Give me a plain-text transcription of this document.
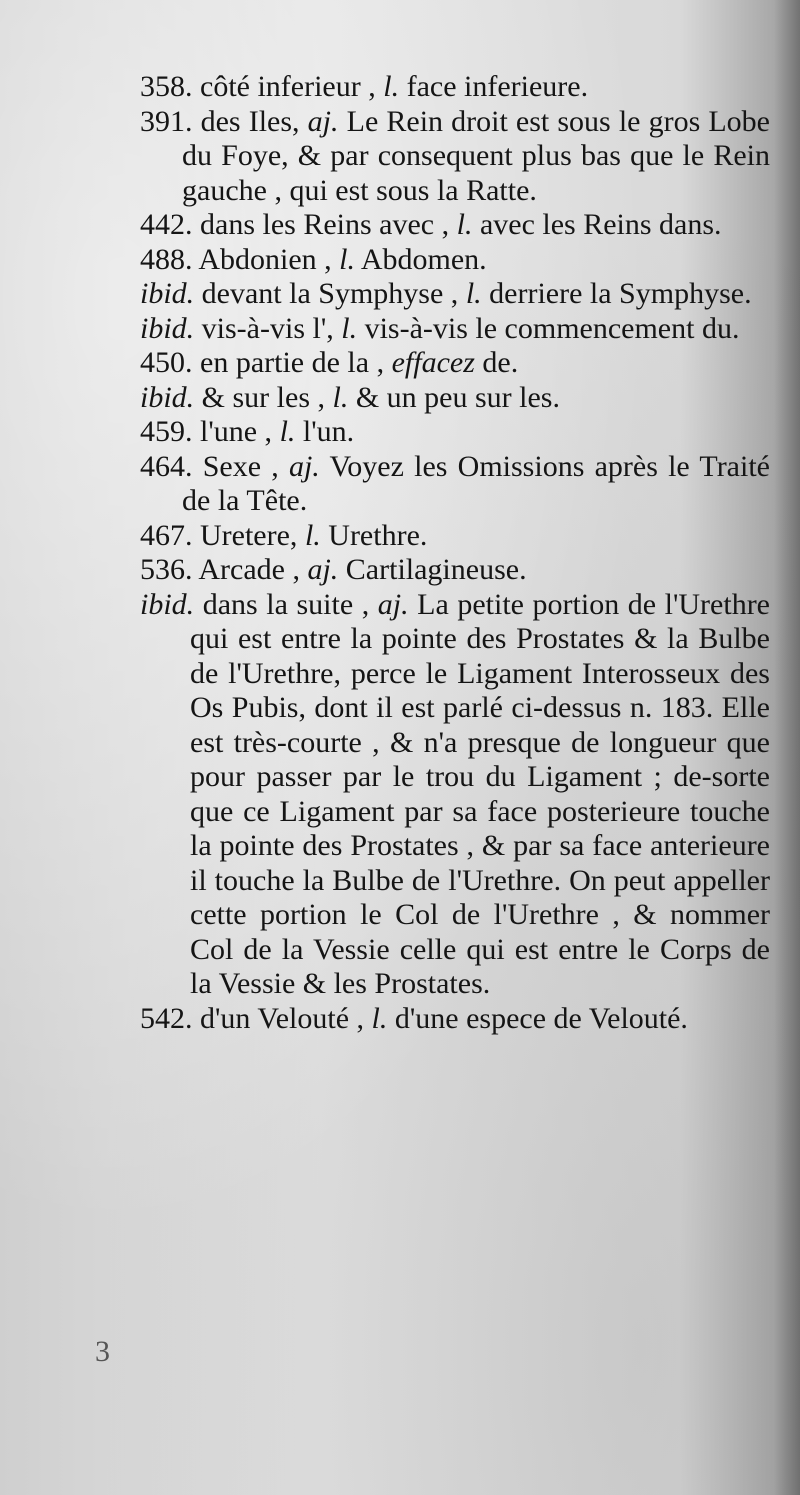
358. côté inferieur , l. face inferieure.
391. des Iles, aj. Le Rein droit est sous le gros Lobe du Foye, & par consequent plus bas que le Rein gauche , qui est sous la Ratte.
442. dans les Reins avec , l. avec les Reins dans.
488. Abdonien , l. Abdomen.
ibid. devant la Symphyse , l. derriere la Symphyse.
ibid. vis-à-vis l', l. vis-à-vis le commencement du.
450. en partie de la , effacez de.
ibid. & sur les , l. & un peu sur les.
459. l'une , l. l'un.
464. Sexe , aj. Voyez les Omissions après le Traité de la Tête.
467. Uretere, l. Urethre.
536. Arcade , aj. Cartilagineuse.
ibid. dans la suite , aj. La petite portion de l'Urethre qui est entre la pointe des Prostates & la Bulbe de l'Urethre, perce le Ligament Interosseux des Os Pubis, dont il est parlé ci-dessus n. 183. Elle est très-courte , & n'a presque de longueur que pour passer par le trou du Ligament ; de-sorte que ce Ligament par sa face posterieure touche la pointe des Prostates , & par sa face anterieure il touche la Bulbe de l'Urethre. On peut appeller cette portion le Col de l'Urethre , & nommer Col de la Vessie celle qui est entre le Corps de la Vessie & les Prostates.
542. d'un Velouté , l. d'une espece de Velouté.
3
